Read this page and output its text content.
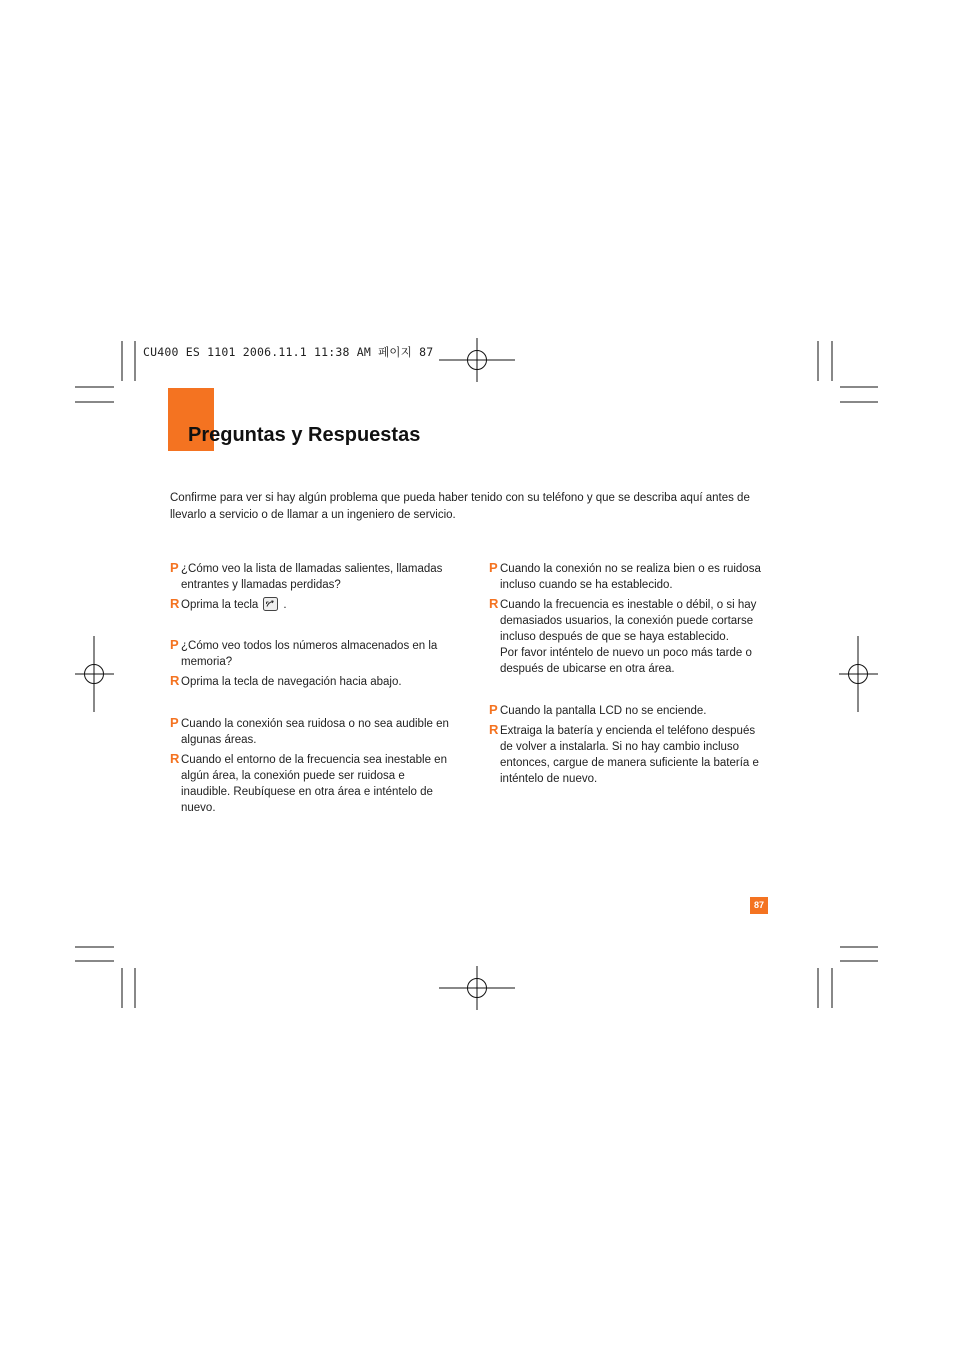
CU400 ES 1101 2006.11.1 11:38 AM 페이지 87
Preguntas y Respuestas

Confirme para ver si hay algún problema que pueda haber tenido con su teléfono y que se describa aquí antes de llevarlo a servicio o de llamar a un ingeniero de servicio.

P ¿Cómo veo la lista de llamadas salientes, llamadas entrantes y llamadas perdidas?

R Oprima la tecla .

P ¿Cómo veo todos los números almacenados en la memoria?

R Oprima la tecla de navegación hacia abajo.

P Cuando la conexión sea ruidosa o no sea audible en algunas áreas.

R Cuando el entorno de la frecuencia sea inestable en algún área, la conexión puede ser ruidosa e inaudible. Reubíquese en otra área e inténtelo de nuevo.

P Cuando la conexión no se realiza bien o es ruidosa incluso cuando se ha establecido.

R Cuando la frecuencia es inestable o débil, o si hay demasiados usuarios, la conexión puede cortarse incluso después de que se haya establecido.
Por favor inténtelo de nuevo un poco más tarde o después de ubicarse en otra área.

P Cuando la pantalla LCD no se enciende.

R Extraiga la batería y encienda el teléfono después de volver a instalarla. Si no hay cambio incluso entonces, cargue de manera suficiente la batería e inténtelo de nuevo.

87
